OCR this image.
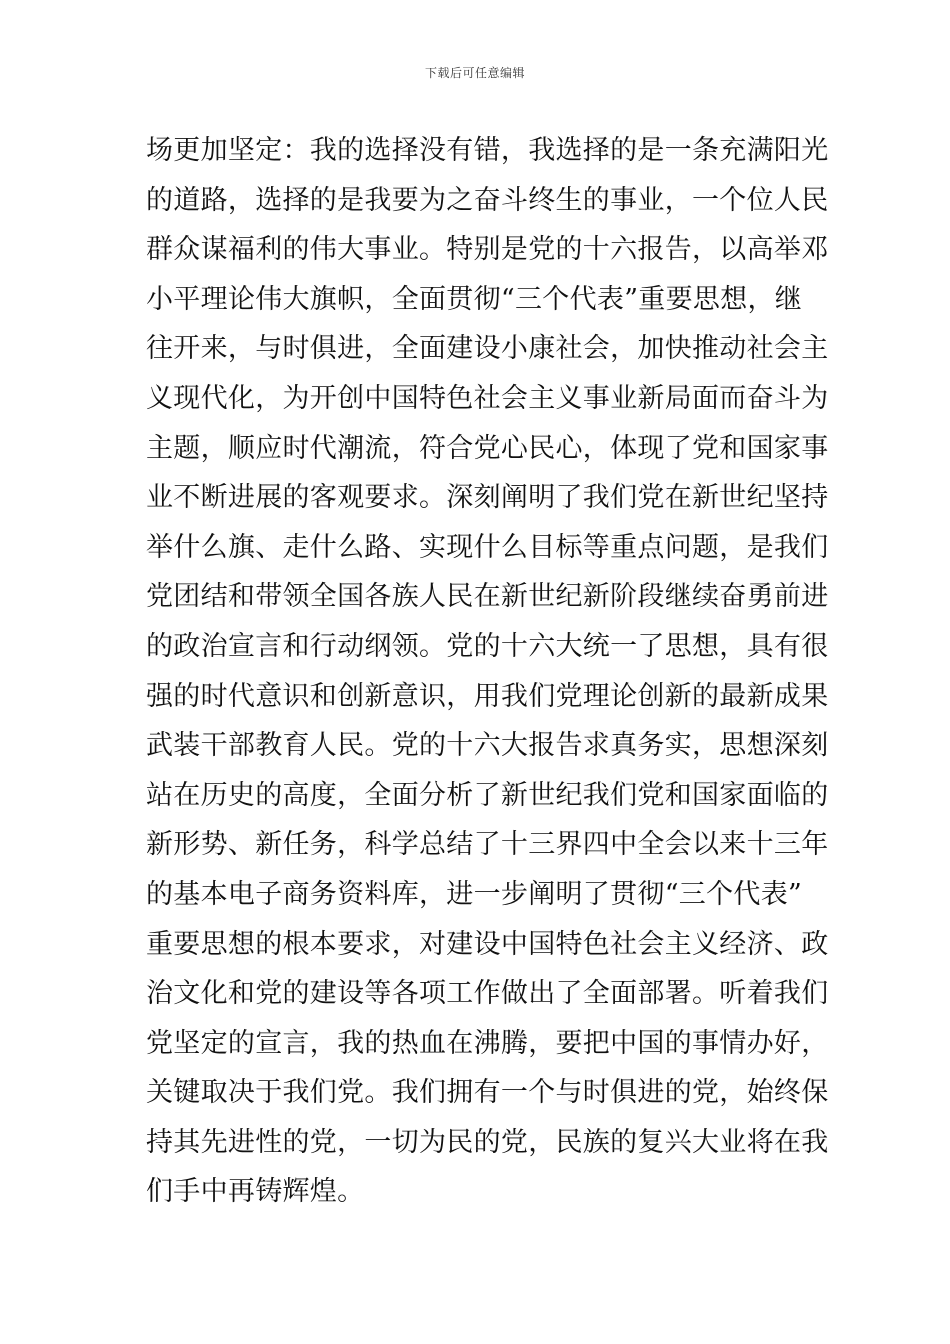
下载后可任意编辑
场更加坚定：我的选择没有错，我选择的是一条充满阳光
的道路，选择的是我要为之奋斗终生的事业，一个位人民
群众谋福利的伟大事业。特别是党的十六报告，以高举邓
小平理论伟大旗帜，全面贯彻“三个代表”重要思想，继
往开来，与时俱进，全面建设小康社会，加快推动社会主
义现代化，为开创中国特色社会主义事业新局面而奋斗为
主题，顺应时代潮流，符合党心民心，体现了党和国家事
业不断进展的客观要求。深刻阐明了我们党在新世纪坚持
举什么旗、走什么路、实现什么目标等重点问题，是我们
党团结和带领全国各族人民在新世纪新阶段继续奋勇前进
的政治宣言和行动纲领。党的十六大统一了思想，具有很
强的时代意识和创新意识，用我们党理论创新的最新成果
武装干部教育人民。党的十六大报告求真务实，思想深刻
站在历史的高度，全面分析了新世纪我们党和国家面临的
新形势、新任务，科学总结了十三界四中全会以来十三年
的基本电子商务资料库，进一步阐明了贯彻“三个代表”
重要思想的根本要求，对建设中国特色社会主义经济、政
治文化和党的建设等各项工作做出了全面部署。听着我们
党坚定的宣言，我的热血在沸腾，要把中国的事情办好，
关键取决于我们党。我们拥有一个与时俱进的党，始终保
持其先进性的党，一切为民的党，民族的复兴大业将在我
们手中再铸辉煌。
